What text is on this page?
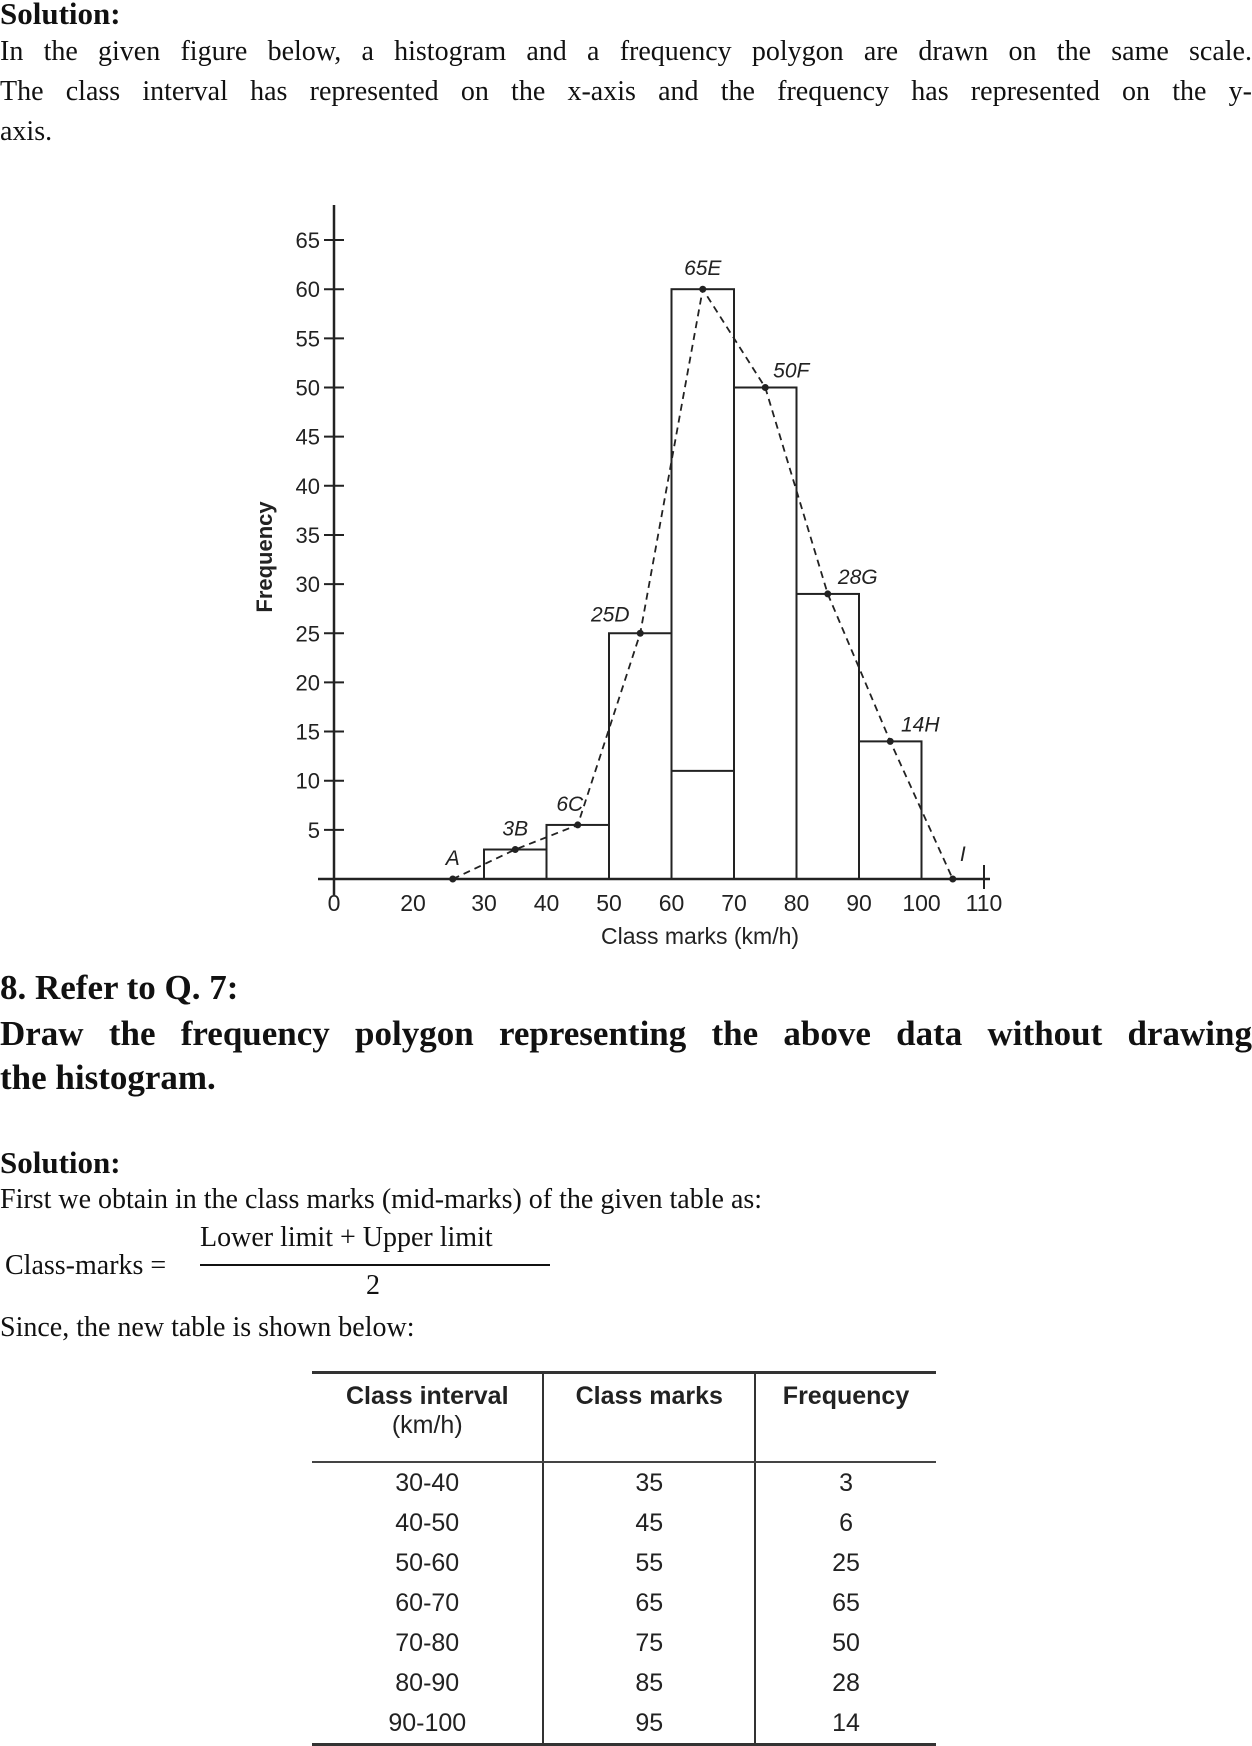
Solution:
In the given figure below, a histogram and a frequency polygon are drawn on the same scale.
The class interval has represented on the x-axis and the frequency has represented on the y-
axis.
5
10
15
20
25
30
35
40
45
50
55
60
65
0	20 30 40 50 60 70 80 90 100 110
A
3B
6C
25D
65E
50F
28G
14H
I
Frequency
Class marks (km/h)
8. Refer to Q. 7:
Draw the frequency polygon representing the above data without drawing
the histogram.
Solution:
First we obtain in the class marks (mid-marks) of the given table as:
Class-marks =
Lower limit + Upper limit
2
Since, the new table is shown below:
Class interval
(km/h)	Class marks	Frequency
30-40	35	3
40-50	45	6
50-60	55	25
60-70	65	65
70-80	75	50
80-90	85	28
90-100	95	14
